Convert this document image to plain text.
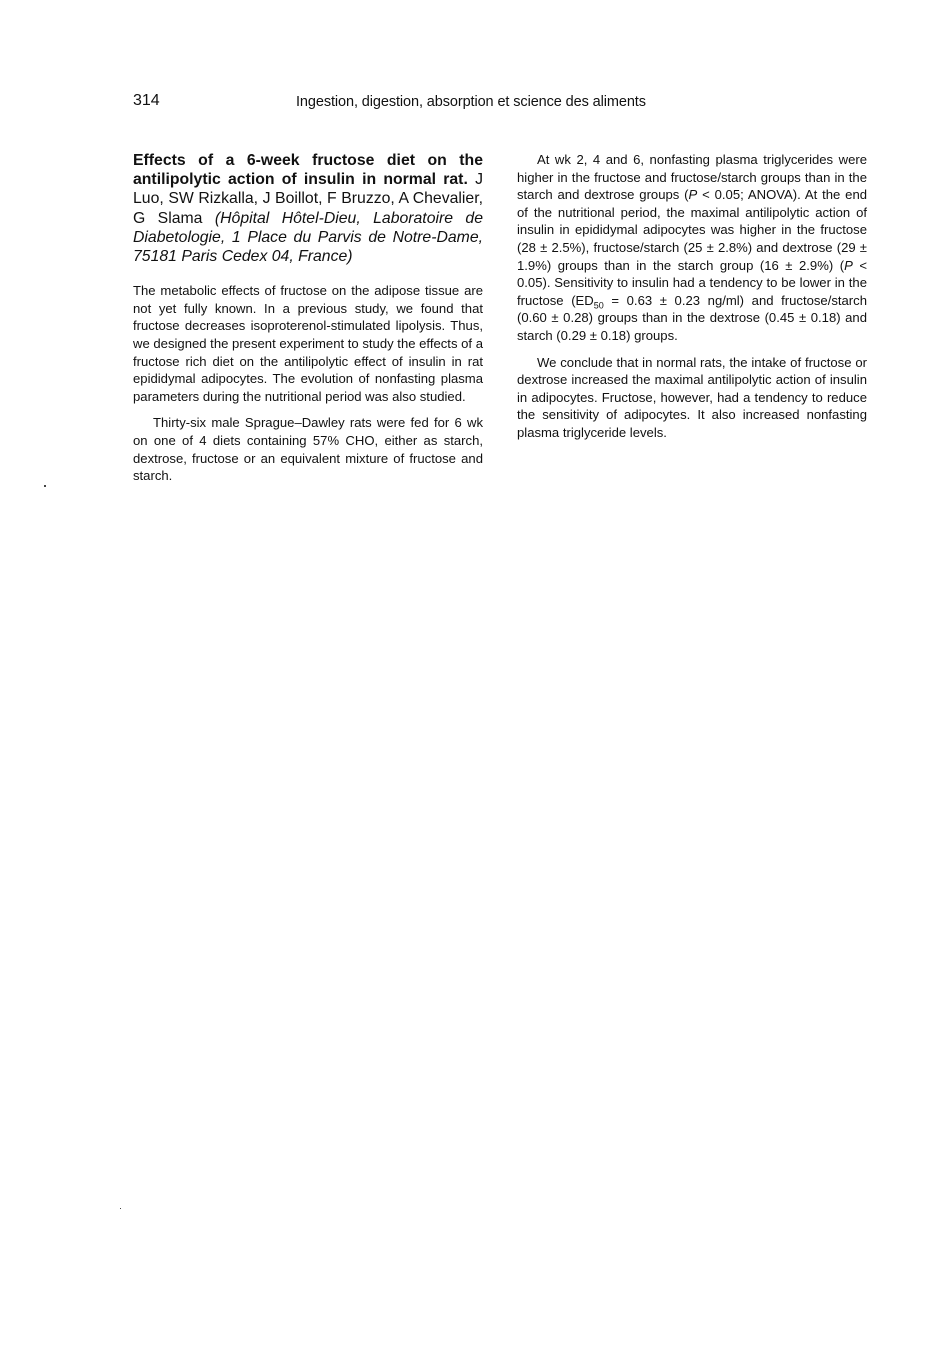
314	Ingestion, digestion, absorption et science des aliments

Effects of a 6-week fructose diet on the antilipolytic action of insulin in normal rat. J Luo, SW Rizkalla, J Boillot, F Bruzzo, A Chevalier, G Slama (Hôpital Hôtel-Dieu, Laboratoire de Diabetologie, 1 Place du Parvis de Notre-Dame, 75181 Paris Cedex 04, France)

The metabolic effects of fructose on the adipose tissue are not yet fully known. In a previous study, we found that fructose decreases isoproterenol-stimulated lipolysis. Thus, we designed the present experiment to study the effects of a fructose rich diet on the antilipolytic effect of insulin in rat epididymal adipocytes. The evolution of nonfasting plasma parameters during the nutritional period was also studied.

Thirty-six male Sprague–Dawley rats were fed for 6 wk on one of 4 diets containing 57% CHO, either as starch, dextrose, fructose or an equivalent mixture of fructose and starch.

At wk 2, 4 and 6, nonfasting plasma triglycerides were higher in the fructose and fructose/starch groups than in the starch and dextrose groups (P < 0.05; ANOVA). At the end of the nutritional period, the maximal antilipolytic action of insulin in epididymal adipocytes was higher in the fructose (28 ± 2.5%), fructose/starch (25 ± 2.8%) and dextrose (29 ± 1.9%) groups than in the starch group (16 ± 2.9%) (P < 0.05). Sensitivity to insulin had a tendency to be lower in the fructose ($ED_{50} = 0.63 \pm 0.23$ ng/ml) and fructose/starch (0.60 ± 0.28) groups than in the dextrose (0.45 ± 0.18) and starch (0.29 ± 0.18) groups.

We conclude that in normal rats, the intake of fructose or dextrose increased the maximal antilipolytic action of insulin in adipocytes. Fructose, however, had a tendency to reduce the sensitivity of adipocytes. It also increased nonfasting plasma triglyceride levels.
